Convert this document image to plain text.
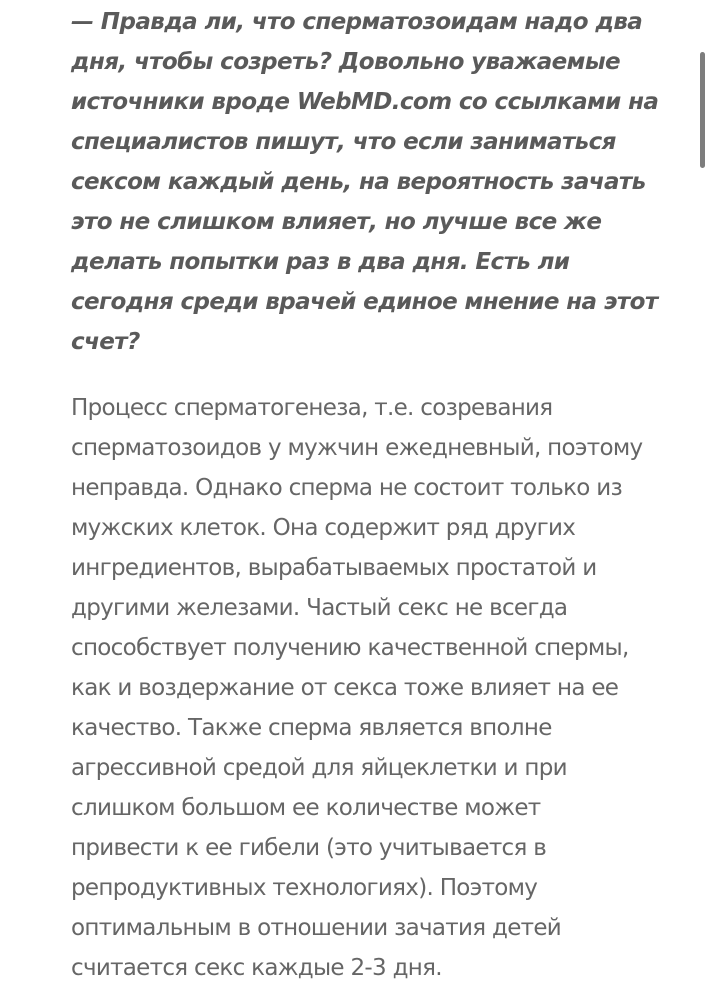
— Правда ли, что сперматозоидам надо два
дня, чтобы созреть? Довольно уважаемые
источники вроде WebMD.com со ссылками на
специалистов пишут, что если заниматься
сексом каждый день, на вероятность зачать
это не слишком влияет, но лучше все же
делать попытки раз в два дня. Есть ли
сегодня среди врачей единое мнение на этот
счет?

Процесс сперматогенеза, т.е. созревания
сперматозоидов у мужчин ежедневный, поэтому
неправда. Однако сперма не состоит только из
мужских клеток. Она содержит ряд других
ингредиентов, вырабатываемых простатой и
другими железами. Частый секс не всегда
способствует получению качественной спермы,
как и воздержание от секса тоже влияет на ее
качество. Также сперма является вполне
агрессивной средой для яйцеклетки и при
слишком большом ее количестве может
привести к ее гибели (это учитывается в
репродуктивных технологиях). Поэтому
оптимальным в отношении зачатия детей
считается секс каждые 2-3 дня.
